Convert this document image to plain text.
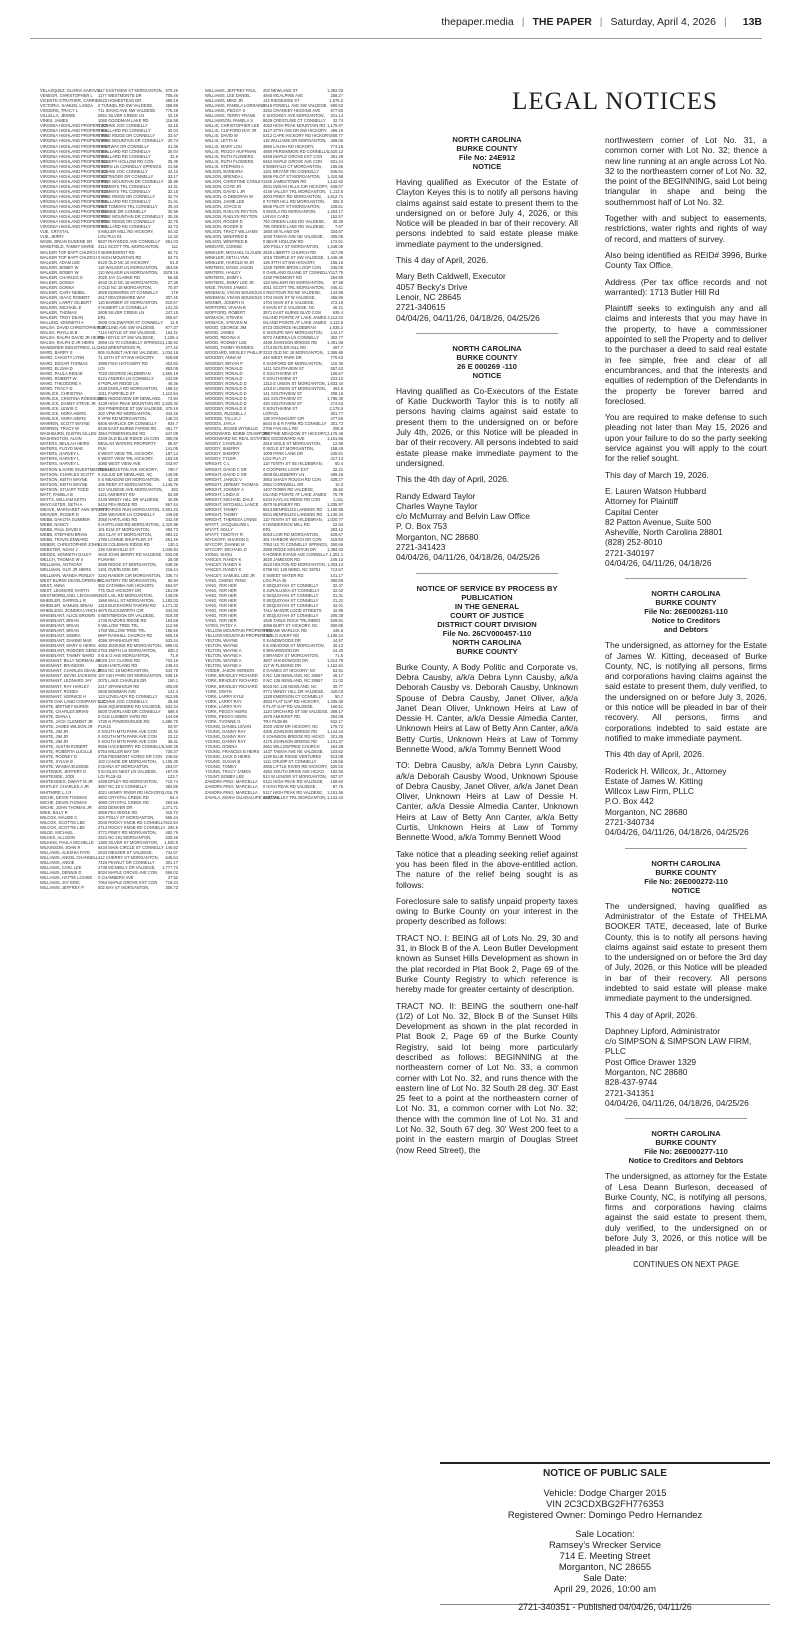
thepaper.media | THE PAPER | Saturday, April 4, 2026 | 13B
VELASQUEZ, GLORIA SARAVIA
217 EASTVIEW ST MORGANTON, 670.26
VENEGR, CHRISTOPHER L	1177 WESTMONTE DR	705.46
VICENTE-STRATHER, CARRIE 4623 HOMESTEAD DR	489.19
VICTORIA, SAMUEL LANDA	0 TUNNEL RD SW VALDESE,	458.88
VIGGERS, TRACY L	711 IDAHO AVE NW VALDESE,	775.49
VILLELLA, JENNIE	2561 SILVER CREEK LN	32.19
VINES, JAMES	1080 GOODMAN LAKE RD	116.58
VIRGINIA HIGHLAND PROPERTIES
0 JOHNS JOG CONNELLY	32.15
VIRGINIA HIGHLAND PROPERTIES
0 MALLARD RD CONNELLY	30.04
VIRGINIA HIGHLAND PROPERTIES
0 PINE RIDGE DR CONNELLY	33.57
VIRGINIA HIGHLAND PROPERTIES
0 PINE MOUNTAIN DR CONNELLY	30.74
VIRGINIA HIGHLAND PROPERTIES
0 FAIRWAY DR CONNELLY	31.36
VIRGINIA HIGHLAND PROPERTIES
0 MALLARD RD CONNELLY	30.04
VIRGINIA HIGHLAND PROPERTIES
0 MALLARD RD CONNELLY	32.5
VIRGINIA HIGHLAND PROPERTIES
0 SLEEPY HOLLOW RD CON	35.35
VIRGINIA HIGHLAND PROPERTIES
0 FERN LN CONNELLY SPRINGS,	31.56
VIRGINIA HIGHLAND PROPERTIES
0 JOHNS JOG CONNELLY	32.12
VIRGINIA HIGHLAND PROPERTIES
0 KITTINGER DR CONNELLY	33.17
VIRGINIA HIGHLAND PROPERTIES
0 PINE MOUNTAIN DR CONNELLY	35.88
VIRGINIA HIGHLAND PROPERTIES
0 TOMMYS TRL CONNELLY	34.31
VIRGINIA HIGHLAND PROPERTIES
0 TOMMYS TRL CONNELLY	32.15
VIRGINIA HIGHLAND PROPERTIES
0 PINE RIDGE DR CONNELLY	32.74
VIRGINIA HIGHLAND PROPERTIES
0 MALLARD RD CONNELLY	31.41
VIRGINIA HIGHLAND PROPERTIES
6027 TOMMYS TRL CONNELLY	30.44
VIRGINIA HIGHLAND PROPERTIES
0 DEBBIE DR CONNELLY	30.58
VIRGINIA HIGHLAND PROPERTIES
0 PINE MOUNTAIN DR CONNELLY	30.26
VIRGINIA HIGHLAND PROPERTIES
0 PINE RIDGE DR CONNELLY	32.75
VIRGINIA HIGHLAND PROPERTIES
0 MALLARD RD CONNELLY	32.73
VUE, CRYSTAL	0 MILLER MILL RD HICKORY,	64.42
VUE, JERRY	LOU PUA 03	12.32
WADE, BRIAN EUGENE SR	6637 RHYSDOX AVE CONNELLY	661.03
WAKEFIELD, TAMMY MARIE 4114 SCOTT TRL MORGANTON,	111
WALKER TOP BAPT CHURCH 0 BURKEMONT RD	62.72
WALKER TOP BAPT CHURCH 0 HIGH MOUNTAIN RD	62.72
WALKER, ADAM LEE	8120 OLD NC 10 HICKORY,	51.8
WALKER, BOBBY W	115 WALKER LN MORGANTON,	354.56
WALKER, BOBBY W	110 WALKER LN MORGANTON,	2578.16
WALKER, CHARLES S	2020 JAY CLARKE RD	66.65
WALKER, DONNA	4640 OLD NC 18 MORGANTON,	27.35
WALKER, DONNA	0 OLD NC 18 MORGANTON,	70.87
WALKER, GARY NEBEL	3929 EDWARDS ST CONNELLY	178
WALKER, ISAAC ROBERT	2617 DEVONSHIRE WAY	307.45
WALKER, LARRY GILBERT	120 BARBER ST MORGANTON,	610.67
WALKER, MICHAEL E	0 HUBERT LN CONNELLY	131.32
WALKER, THOMAS	2609 SILVER CREEK LN	247.15
WALKER, TROY DEAN	ERL	305.67
WALLING, KENNETH A	3509 COLDWATER ST CONNELLY	12.5
WALSH, DAVID CHRISTOPHER JR
803 CLINE AVE SW VALDESE,	877.37
WALSH, PHYLLIS B	7114 HOYLE ST SW VALDESE,	164.21
WALSH, RALPH DAVID JR HEIRS
756 HOYLE ST SW VALDESE,	1,106.4
WALSH, RALPH D JR HEIRS 2869 US 70 CONNELLY SPRINGS,
1,136.62
WANDERER INDUSTRIES, LLC
1464 BRENTWOOD PL	277.42
WARD, BARRY S	905 SUNSET AVE NE VALDESE, 1,034.18
WARD, CHASITY LYNN	71 24TH ST ST NW HICKORY,	825.88
WARD, EDGAR THOMAS	3988 FISH HATCHERY RD	402.82
WARD, ELIJAH D	LOI	853.05
WARD, PAULA RENAE	7020 GEORGE HILDEBRAN	1,560.19
WARD, ROBERT W	6121 ANDREA LN CONNELLY	234.85
WARD, THEODORE A	0 POPLAR RIDGE LN	46.36
WARD, TRACY D	3439 ENOLA RD MORGANTON,	188.42
WARLICK, CHRISTINA	1011 FAIRFIELD ST	1,112.54
WARLICK, CRISTINA ROBINSON
6355 RIDGEVIEW DR NEWLAND,	74.84
WARLICK, DANNY STEVE JR 4139 HIGH PEAK MOUNTAIN RD 2,520.32
WARLICK, LEWIS C	304 PINERIDGE ST SW VALDESE, 370.16
WARLICK, NORA HEIRS	203 VPW RD MORGANTON,	343.46
WARLICK, NORA HEIRS	0 VPW RD MORGANTON,	148.34
WARREN, SCOTT WAYNE	6405 WARLICK DR CONNELLY	934.7
WARREN, TRACY W	8435 EAST BURKE FARMS RD	461.77
WASHBURN, DUSTIN KILLEN 4554 POWERHOUSE RD	647.09
WASHINGTON, ALVIN	2349 OLD BLUE RIDGE LN CON	360.05
WATERS, BEULAH HEIRS	BEULAH WATERS PROPERTY	55.67
WATERS, FLOYD MAE	PUV	141.05
WATERS, HARVEY L	0 WEST VIEW TRL HICKORY,	187.14
WATERS, HARVEY L	0 WEST VIEW TRL HICKORY,	153.45
WATERS, HARVEY L	2085 WEST VIEW AVE	443.97
WATSON & HARE INVESTMENTS LLC
7500 HOUSTON AVE HICKORY,	780.7
WATSON, CHARLES SCOTT 0 JULIUS DR NEWLAND, NC	145.95
WATSON, KEITH WAYNE	0 S MEADOW DR MORGANTON,	42.25
WATSON, KEITH WAYNE	105 REEP ST MORGANTON,	1,146.76
WATSON, STUART TODD	313 VALDESE AVE MORGANTON,	382
WATT, PAMELA B	1121 AMHERST RD	52.69
WATTS, WILLIAM KEITH	2145 WINDY HILL DR VALDESE,	40.85
WAYCASTER, SETH A	5424 PEA RIDGE RD	567.44
WEAVE, MARGARET ANN SPEARS
177 RAPIDS RUN MORGANTON, 2,501.23
WEAVER, ROGER D	1390 WEAVER LN CONNELLY	449.65
WEBB, DAKOTA SUMMER	3050 HARTLAND RD	342.49
WEBB, NANCY	0 HARTLAND RD MORGANTON, 1,310.95
WEBB, PAUL DAVID II	101 ELM ST MORGANTON,	483.73
WEBB, STEPHEN BRIAN	154 CLAY ST MORGANTON,	884.22
WEBB, TRAVIS EDWARD	1780 LONNIE SHUFFLER ST	251.46
WEBER, CHRISTOPHER JOHN
5130 COLEMAN RIDGE RD	130.3
WEBSTER, NOAH J	238 ASHEVILLE ST	1,045.84
WEDDS, KENNETH DALEY	4640 JOHN BERRY RD VALDESE, 530.08
WELCH, THOMAS W II	PUA9-98	26.08
WELLMAN, ANTHONY	3689 RIDGE ST MORGANTON,	648.35
WELLMAN, GUY JR HEIRS	1101 OVERLOOK DR	216.44
WELLMAN, WANDA PENLEY 3192 RAIDER CIR MORGANTON,	336.74
WEST BURKE DEVELOPERS INC
0 CANTERY RD MORGANTON,	60.94
WEST, ANNA	302 CATAWBA AVE HICKORY,	664.97
WEST, LEONARD GARTH	775 OLD HICKORY DR	151.09
WESTMORELAND, LEIGHANN 3920 LAIL RD MORGANTON,	135.05
WHEELER, DARROLL R	1960 WALL ST MORGANTON,	1,182.03
WHEELER, SAMUEL BRIAN	1310 BUCKHORN TAVERN RD	1,171.32
WHEELESS, ZONDRA LYNCH 4870 DUCKWORTH CIR	344.93
WHISENANT, ALICE BROWN 0 BENTBROOK DR VALDESE,	819.38
WHISENANT, BRIAN	1745 RAZORS RIDGE RD	153.68
WHISENANT, BRIAN	0 WILLOW TREE TRL	112.56
WHISENANT, BRIAN	1750 WILLOW TREE TRL	165.56
WHISENANT, DEBRA	MHP RAINHILL CHURCH RD	606.19
WHISENANT, DIANNE MAE	4096 SPAINHOUR RD	533.44
WHISENANT, MARY E HEIRS 4093 JENKINS RD MORGANTON, 589.02
WHISENANT, RODGER GENE 2753 SMITH LN MORGANTON,	830.3
WHISENANT, TAMMY WARD 0 B & O AVE MORGANTON,	71.9
WHISNANT, BILLY NORMAN JR
2020 JAY CLARKE RD	702.19
WHISNANT, BRANDON	3628 HARTLAND RD	248.43
WHISNANT, CHARLES DEAN JR
2053 NC 18 MORGANTON,	543.76
WHISNANT, KEVIN JACKSON 107 ASH PARK DR MORGANTON, 639.15
WHISNANT, LEONARD JAY	2075 LAKE CHARLES DR	150.1
WHISNANT, RAY HARLEY	2217 SPAINHOUR RD	405.66
WHISNANT, RONDA	2846 BOWMAN AVE	141.4
WHISNANT, VERNICE H	123 LOVELADY RD CONNELLY	912.85
WHITE OAK LAND COMPANY LLC
0 JOHNS JOG CONNELLY	35.56
WHITE, BRITNEY BURNS	4546 SQUIREBIRD RD VALDESE, 534.34
WHITE, CHARLES BRIAN	5500 OVERLAND DR CONNELLY	688.6
WHITE, DIANA L	0 OLD LUMBER YARD RD	144.69
WHITE, JACK CLEMENT JR	1730 N POWERHOUSE RD	1,580.76
WHITE, JAMES WILSON JR	PUA21	53.97
WHITE, JIM JR	0 SOUTH MTN PARK AVE CON	26.42
WHITE, JIM JR	0 SOUTH MTN PARK AVE CON	22.12
WHITE, JIM JR	0 SOUTH MTN PARK AVE CON	36.41
WHITE, JUSTIN ROBERT	8556 HACKBERRY RD CONNELLY
1,530.25
WHITE, ROBERTA LUCILLE	5754 MILLER BAY DR	730.37
WHITE, RODNEY D	2755 PIEDMONT ACRES DR CON 246.92
WHITE, SYLVIA E	103 CANOE DR MORGANTON,	1,105.36
WHITE, WANDA EUGENE	0 DIANA ST MORGANTON,	263.07
WHITENER, JEFFERY D	0 EAGLES NEST LN VALDESE,	167.05
WHITESIDE, JODI	LOI PL18-43	123.7
WHITESIDES, DWAYT M JR	4498 EPLEY RD MORGANTON,	710.74
WHITLEY, CHARLES A JR	3557 NC 18 S CONNELLY	382.85
WHITMIRE L.J.R	4021 HENRY RIVER RD HICKORY,
1,016.79
WICHE, DEVIN THOMAS	4802 CRYSTAL CREEK RD	64.4
WICHE, DEVIN THOMAS	4890 CRYSTAL CREEK RD	264.56
WICHE, JOHN THOMAS JR	4033 DENVER DR	1,271.71
WIKE, BILLY R	3856 PEA RIDGE RD	315.72
WILCOX, MAUDE C	104 POLLY ST MORGANTON,	565.44
WILCOX, SCOTTIE LEE	2640 ROCKY KNOB RD CONNELLY 612.54
WILCOX, SCOTTIE LEE	2712 ROCKY KNOB RD CONNELLY 292.5
WILDE, MICHAEL	3771 PINEY RD MORGANTON,	492.76
WILKES, ALLISON	3321 NC 181 MORGANTON,	630.46
WILKINS, PAULA MICHELLE	1380 SILVER ST MORGANTON,	1,520.5
WILKINSON, JOHN R	6434 MAIN CIRCLE ST CONNELLY 146.82
WILLIAMS, ALESHIA FAYE	2633 MESSER ST VALDESE,	742.67
WILLIAMS, ANGEL CHANNELL 412 CHERRY ST MORGANTON,	645.54
WILLIAMS, ANGIE	7420 PEANUT DR CONNELLY	301.17
WILLIAMS, CARL LEE	2738 MCNEELY DR VALDESE,	1,777.73
WILLIAMS, DENNIS D	8034 MAPLE GROVE AVE CON	565.02
WILLIAMS, HATTIE LOUISE	0 CHAMBERS AVE	37.52
WILLIAMS, JAY ERIC	7064 MAPLE GROVE EXT CON	719.34
WILLIAMS, JEFFREY P	502 BAY ST MORGANTON,	306.73
WILLIAMS, JEFFREY PAUL	203 NEWLAND ST	1,492.03
WILLIAMS, LEE DANIEL	4845 MCALPINE AVE	258.27
WILLIAMS, MIKE JR	113 RIDGESIDE ST	1,576.2
WILLIAMS, PAMELA LORRAINE
3616 POWELL AVE SW VALDESE, 590.63
WILLIAMS, PEGGY S	3252 CRANKEY HIGGINS AVE	677.55
WILLIAMS, TERRY FRANK	0 SHOOKEY AVE MORGANTON,	341.14
WILLIAMSON, PAMELA S	8629 CRESTLINE CT CONNELLY	32.74
WILLIS, CHRISTOPHER LEE 4053 HIGH PEAK MOUNTAIN RD 1,179.67
WILLIS, CLIFFORD RAY JR	3427 37TH AVE DR NW HICKORY, 499.19
WILLIS, DAVID W	5312 CAPE HICKORY RD HICKORY, 408.77
WILLIS, LETTA M	119 WILLIAMS DR MORGANTON, 459.06
WILLIS, MARY LOU	3860 LAUSH RD HICKORY,	774.15
WILLIS, PEGGY HUFFMAN	4880 PERSIMMON RD CONNELLY
1,620.13
WILLIS, RUTH FLOWERS	6458 MAPLE GROVE EXT CON	351.48
WILLIS, RUTH FLOWERS	6452 MAPLE GROVE AVE CON	831.44
WILLIS, STEPHEN A	0 EMERALD CT MORGANTON,	155.65
WILSON, BARBARA	1101 BRYANT RD CONNELLY	545.91
WILSON, BRENDA L	5846 PILOT ST MORGANTON,	1,410.58
WILSON, CHRISTINE CONLEY 1340 JAMESTOWN RD	1,142.52
WILSON, COYE JR	2631 INDIAN HILLS CIR HICKORY, 645.07
WILSON, DAVID L JR	4145 VALLEY TRL MORGANTON, 1,113.5
WILSON, G DEBORAH W	3004 PINEY RD MORGANTON,	1,612.71
WILSON, JAMIE LEE	0 TATER HILL RD MORGANTON,	392.6
WILSON, JOYCE B	5846 PILOT ST MORGANTON,	228.61
WILSON, RAELYN PEYTON	0 ENOLA RD MORGANTON,	1,253.17
WILSON, RAELYN PEYTON	LINVIS CARD	152.57
WILSON, ROGER D	793 GREEN LAKE RD VALDESE,	30.36
WILSON, ROGER D	795 GREEN LAKE RD VALDESE,	7.67
WILSON, TRACY WILLIAMS	1850 SKYLAND DR	334.67
WILSON, WINIFRED B	1040 TABVIA AVE NE VALDESE,	305.05
WILSON, WINIFRED B	0 BEAR HOLLOW RD	172.61
WINGATE, CONNIE	100 POLLY ST MORGANTON,	1,348.09
WINKLER, MICHAEL CLAUDE 2520 LIBERTY CHURCH RD	427.06
WINKLER, SETH LYNN	1015 TEMPLE ST SW VALDESE, 1,446.45
WINKLER, HAROLD W JR	126 37TH ST NW HICKORY,	155.16
WINTERS, DAVID JASON	1349 TERRI BRON LOOP CON	346.05
WINTERS, HAILEY	0 GARLAND DUANE ST CONNELLY 117.75
WINTERS, JIMMY L	4150 PIEDMONT RD	264.95
WINTERS, JIMMY LEE JR	123 WALKER RD MORGANTON,	67.58
WISE, TRAVIS JAMES	4011 SCOTT TRL MORGANTON,	446.41
WISEMAN, VIVIAN BOUNOUS 0 RESTOUR RD NE VALDESE,	144.96
WISEMAN, VIVIAN BOUNOUS 1704 MAIN ST W VALDESE,	455.85
WISNER, JOSEPH G	1704 MAIN ST E VALDESE,	472.19
WOFFORD, VIVIAN B	0 MAIN ST E VALDESE, NC	46.21
WOFFORD, ROBERT	3571 EAST BURKE BLVD CON	635.4
WOMACK, STEVEN	ISLAND POINTE AT LAKE JAMES 4,112.02
WOMACK, STEVEN M	ISLAND POINTE AT LAKE JAMES 4,112.5
WOOD, GEORGE JIM	8723 GEORGE HILDEBRAN	1,035.2
WOOD, JAMES	0 SHOUPE WAY MORGANTON,	142.17
WOOD, REGINA S	6072 ANDREA LN CONNELLY	302.77
WOOD, RODNEY LEE	4468 JOHNSON BRIDGE RD	1,491.06
WOOD, TAMMY RHODES	1713 BUTLER HILL RD	487.7
WOODARD, WESLEY PHILLIP 2223 OLD NC 18 MORGANTON, 1,365.85
WOODBY, ANNA M	444 WEST PARK DR	770.63
WOODBY, BRYAN P	0 SANFORD DR MORGANTON,	110.36
WOODBY, RONALD	1411 SOUTHVIEW ST	557.42
WOODBY, RONALD	0 SOUTHVIEW ST	106.57
WOODBY, RONALD	0 SOUTHVIEW ST	223.12
WOODBY, RONALD D	1312 E UNION ST MORGANTON, 1,833.44
WOODBY, RONALD D	1310 E UNION ST MORGANTON,	363.5
WOODBY, RONALD D	141 SOUTHVIEW ST	208.15
WOODBY, RONALD D	151 SOUTHVIEW ST	1,785.48
WOODBY, RONALD D	420 SOUTHVIEW ST	274.63
WOODBY, RONALD S	0 SOUTHVIEW ST	2,178.5
WOODIE, RUSSELL J	LOPA31	301.77
WOODIE, TALLIA J	138 STANHOUNT CIR	477.65
WOODS, JAYLA	5644 B & R FARM RD CONNELLY 301.73
WOODS, JESSIE WYNELLE	2706 FAN HILL RD	206.8
WOODWARD, BOBBI CRAWFORD
207 PINE MEADOW ST HICKORY, 2,176.46
WOODWARD NC REAL ESTATE
103 GOODWARD AVE	1,151.56
WOODY, CHARLES	2815 SIGLE ST MORGANTON,	12.85
WOODY, SHERRY	0 SIGLE ST MORGANTON,	158.49
WOODY, SHERRY	1008 PARK LANE DR	345.81
WOODY, TYLER	LOU PUA 17	417.14
WRIGHT, C L	110 TENTH ST SE HILDEBRAN,	60.4
WRIGHT, DAVID C SR	0 COOPERS LOOP EXT	32.21
WRIGHT, DAVID C SR	4508 BLUEBERRY LN	489.45
WRIGHT, JANICE V	3853 SHADY ROUGH RD CON	428.27
WRIGHT, JEREMY THOMAS	2951 CORNWELL DR	10.3
WRIGHT, JOHNNY A	1407 ROBIN RD VALDESE,	35.52
WRIGHT, LINDA D	ISLAND POINTE AT LAKE JAMES	75.79
WRIGHT, MICHAEL DALE	6104 KAYLAS RIDGE RD CON	1,411
WRIGHT, MITCHELL LANCE	4870 NURSERY RD	1,335.97
WRIGHT, TAMMY	5513 BENFIELDS LANDING RD	1,190.55
WRIGHT, TAMMY	5531 BENFIELDS LANDING RD	1,130.34
WRIGHT, THERESA LYNNE	110 TENTH ST SE HILDEBRAN,	1,020.77
WYATT, JACQUELINE L	0 HENDERSON MILL RD	22.54
WYATT, KELLY	ERL	293.12
WYATT, TIMOTHY R	6063 LOIR RD MORGANTON,	528.67
WYCKOFF, SHARON S	301 HARBOR WATCH DR CON	419.83
WYCOFF, DIANNE M	7053 US 70 CONNELLY SPRINGS, 250.66
WYCOFF, MICHAEL D	2890 RIDGE MOUNTAIN DR	1,384.03
XIONG, KHOU	0 HOMER EVANS AVE CONNELLY 1,301.1
YANCEY, RANDY K	3620 JAMESON RD	245.12
YANCEY, RANDY K	3622 HELTON RD MORGANTON, 1,303.14
YANCEY, RANDY K	6798 NC 126 NEBO, NC 28761	713.57
YANCEY, SAMUEL LEE JR	0 SWEET WATER RD	141.17
YANG, CHENG YENG	LOU PUA 45	350.69
YANG, YER HER	0 SEQUOYAH ST CONNELLY	32.47
YANG, YER HER	0 JURALUSKA ST CONNELLY	32.02
YANG, YER HER	0 SEQUOYAH ST CONNELLY	31.31
YANG, YER HER	0 SEQUOYAH ST CONNELLY	31.22
YANG, YER HER	0 SEQUOYAH ST CONNELLY	32.01
YANG, YER HER	TALI/ MANOR LOOD STREETS	42.85
YANG, YER HER	0 SEQUOYAH ST CONNELLY	206.38
YANG, YER HER	1545 TABLE ROCK TRL/NEBO	529.91
YATES, PATSY A	3096 BURT ST HICKORY, NC	500.85
YELLOW MOUNTAIN PROPERTIES
0 FRANK WARLICK RD	446.6
YELLOW MOUNTAIN PROPERTIES
0 SOLO AVERY RD	1,108.24
YELTON, WAYNE	0 SANDWOODS DR	44.57
YELTON, WAYNE	0 E MEADOW ST MORGANTON,	40.13
YELTON, WAYNE A	0 BRIARWOOD DR	24.45
YELTON, WAYNE A	0 BRANDY ST MORGANTON,	71.5
YELTON, WAYNE A	3507 SHADOWOOD DR	1,014.79
YELTON, WAYNE A	117 W FLEMING DR	1,162.64
YODER, JASON VERNON	0 GAINES ST HICKORY, NC	53.51
YORK, BRADLEY RICHARD	0 NC 126 NEWLAND, NC 28657	46.17
YORK, BRADLEY RICHARD	0 NC 126 NEWLAND, NC 28657	21.02
YORK, BRADLEY RICHARD	8023 NC 126 NEWLAND, NC	30.77
YORK, GWYN	3771 WINDY HILL DR VALDESE,	420.03
YORK, LARRY KYLE	1328 EMERSON CT CONNELLY	50.7
YORK, LARRY RAY	3933 FLAT GAP RD HICKORY,	1,336.08
YORK, LARRY RAY	0 FLAT GAP RD VALDESE,	160.51
YORK, PEGGY HEIRS	1120 ORCHARD ST SW VALDESE, 369.17
YORK, PEGGY HEIRS	1579 AMHERST RD	294.08
YORK, YVONNE G	TRA PL38-86	532.17
YOUNG, DANIEL LEVAN	3020 VIEW DR HICKORY, NC	179.72
YOUNG, DANNY RAY	4305 JOHNSON BRIDGE RD	1,144.44
YOUNG, DANNY RAY	0 JOHNSON BRIDGE RD HICKO	321.35
YOUNG, DANNY RAY	4175 JOHNSON BRIDGE RD	1,101.37
YOUNG, DONNA	2661 WILLOWTREE CHURCH	264.38
YOUNG, FRANCES B HEIRS 1437 TABVIA AVE NE VALDESE,	103.52
YOUNG, JACK D HEIRS	1139 BLUE RIDGE VENTURES	513.05
YOUNG, SUSAN B	1111 CRUMP ST CONNELLY	126.56
YOUNG, TOMEY	4965 LITTLE RIVER RD HICKORY, 520.02
YOUNG, TRACY JAMES	4952 SOUTH DRIVE AVE HICKO	192.56
YOUNT, BOBBY LEE	513 W LENOIR ST MORGANTON, 937.37
ZAMORA PINO, MARCELLA	5121 HIGH PEAK RD VALDESE,	169.93
ZAMORA PINO, MARCELLA	0 HIGH PEAK RD VALDESE,	87.75
ZAMORA PINO, MARCELLA	5117 HIGH PEAK RD VALDESE, 1,151.56
ZAVALA, MARIA GUADALUPE VARGAS
4207 VALLEY TRL MORGANTON, 1,143.44
LEGAL NOTICES
NORTH CAROLINA
BURKE COUNTY
File No: 24E912
NOTICE

Having qualified as Executor of the Estate of Clayton Keyes this is to notify all persons having claims against said estate to present them to the undersigned on or before July 4, 2026, or this Notice will be pleaded in bar of their recovery. All persons indebted to said estate please make immediate payment to the undersigned.

This 4 day of April, 2026.

Mary Beth Caldwell, Executor
4057 Becky's Drive
Lenoir, NC 28645
2721-340615
04/04/26, 04/11/26, 04/18/26, 04/25/26
NORTH CAROLINA
BURKE COUNTY
26 E 000269 -110
NOTICE

Having qualified as Co-Executors of the Estate of Katie Duckworth Taylor this is to notify all persons having claims against said estate to present them to the undersigned on or before July 4th, 2026, or this Notice will be pleaded in bar of their recovery. All persons indebted to said estate please make immediate payment to the undersigned.

This the 4th day of April, 2026.

Randy Edward Taylor
Charles Wayne Taylor
c/o McMurray and Belvin Law Office
P. O. Box 753
Morganton, NC 28680
2721-341423
04/04/26, 04/11/26, 04/18/26, 04/25/26
NOTICE OF SERVICE BY PROCESS BY PUBLICATION
IN THE GENERAL
COURT OF JUSTICE
DISTRICT COURT DIVISION
File No. 26CV000457-110
NORTH CAROLINA
BURKE COUNTY

Burke County, A Body Politic and Corporate vs. Debra Causby, a/k/a Debra Lynn Causby, a/k/a Deborah Causby vs. Deborah Causby, Unknown Spouse of Debra Causby, Janet Oliver, a/k/a Janet Dean Oliver, Unknown Heirs at Law of Dessie H. Canter, a/k/a Dessie Almedia Canter, Unknown Heirs at Law of Betty Ann Canter, a/k/a Betty Curtis, Unknown Heirs at Law of Tommy Bennette Wood, a/k/a Tommy Bennett Wood

TO: Debra Causby, a/k/a Debra Lynn Causby, a/k/a Deborah Causby Wood, Unknown Spouse of Debra Causby, Janet Oliver, a/k/a Janet Dean Oliver, Unknown Heirs at Law of Dessie H. Canter, a/k/a Dessie Almedia Canter, Unknown Heirs at Law of Betty Ann Canter, a/k/a Betty Curtis, Unknown Heirs at Law of Tommy Bennette Wood, a/k/a Tommy Bennett Wood

Take notice that a pleading seeking relief against you has been filed in the above-entitled action. The nature of the relief being sought is as follows:

Foreclosure sale to satisfy unpaid property taxes owing to Burke County on your interest in the property described as follows:

TRACT NO. I: BEING all of Lots No. 29, 30 and 31, in Block B of the A. Leon Butler Development known as Sunset Hills Development as shown in the plat recorded in Plat Book 2, Page 69 of the Burke County Registry to which reference is hereby made for greater certainty of description.

TRACT NO. II: BEING the southern one-half (1/2) of Lot No. 32, Block B of the Sunset Hills Development as shown in the plat recorded in Plat Book 2, Page 69 of the Burke County Registry, said lot being more particularly described as follows: BEGINNING at the northeastern corner of Lot No. 33, a common corner with Lot No. 32, and runs thence with the eastern line of Lot No. 32 South 28 deg. 30' East 25 feet to a point at the northeastern corner of Lot No. 31, a common corner with Lot No. 32; thence with the common line of Lot No. 31 and Lot No. 32, South 67 deg. 30' West 200 feet to a point in the eastern margin of Douglas Street (now Reed Street), the

northwestern corner of Lot No. 31, a common corner with Lot No. 32; thence a new line running at an angle across Lot No. 32 to the northeastern corner of Lot No. 32, the point of the BEGINNING, said Lot being triangular in shape and being the southernmost half of Lot No. 32.

Together with and subject to easements, restrictions, water rights and rights of way of record, and matters of survey.

Also being identified as REID# 3996, Burke County Tax Office.

Address (Per tax office records and not warranted): 1713 Butler Hill Rd

Plaintiff seeks to extinguish any and all claims and interests that you may have in the property, to have a commissioner appointed to sell the Property and to deliver to the purchaser a deed to said real estate in fee simple, free and clear of all encumbrances, and that the interests and equities of redemption of the Defendants in the property be forever barred and foreclosed.

You are required to make defense to such pleading not later than May 15, 2026 and upon your failure to do so the party seeking service against you will apply to the court for the relief sought.

This day of March 19, 2026.

E. Lauren Watson Hubbard
Attorney for Plaintiff
Capital Center
82 Patton Avenue, Suite 500
Asheville, North Carolina 28801
(828) 252-8010
2721-340197
04/04/26, 04/11/26, 04/18/26
NORTH CAROLINA
BURKE COUNTY
File No: 26E000261-110
Notice to Creditors
and Debtors

The undersigned, as attorney for the Estate of James W. Kitting, deceased of Burke County, NC, is notifying all persons, firms and corporations having claims against the said estate to present them, duly verified, to the undersigned on or before July 3, 2026, or this notice will be pleaded in bar of their recovery. All persons, firms and corporations indebted to said estate are notified to make immediate payment.

This 4th day of April, 2026.

Roderick H. Willcox, Jr., Attorney
Estate of James W. Kitting
Willcox Law Firm, PLLC
P.O. Box 442
Morganton, NC 28680
2721-340734
04/04/26, 04/11/26, 04/18/26, 04/25/26
NORTH CAROLINA
BURKE COUNTY
File No: 26E000272-110
NOTICE

The undersigned, having qualified as Administrator of the Estate of THELMA BOOKER TATE, deceased, late of Burke County, this is to notify all persons having claims against said estate to present them to the undersigned on or before the 3rd day of July, 2026, or this Notice will be pleaded in bar of their recovery. All persons indebted to said estate will please make immediate payment to the undersigned.

This 4 day of April, 2026.

Daphney Lipford, Administrator
c/o SIMPSON & SIMPSON LAW FIRM, PLLC
Post Office Drawer 1329
Morganton, NC 28680
828-437-9744
2721-341351
04/04/26, 04/11/26, 04/18/26, 04/25/26
NORTH CAROLINA
BURKE COUNTY
File No: 26E000277-110
Notice to Creditors and Debtors

The undersigned, as attorney for the Estate of Lesa Deann Burleson, deceased of Burke County, NC, is notifying all persons, firms and corporations having claims against the said estate to present them, duly verified, to the undersigned on or before July 3, 2026, or this notice will be pleaded in bar

CONTINUES ON NEXT PAGE
NOTICE OF PUBLIC SALE
Vehicle: Dodge Charger 2015
VIN 2C3CDXBG2FH776353
Registered Owner: Domingo Pedro Hernandez
Sale Location:
Ramsey's Wrecker Service
714 E. Meeting Street
Morganton, NC 28655
Sale Date:
April 29, 2026, 10:00 am
2721-340351 - Published 04/04/26, 04/11/26
